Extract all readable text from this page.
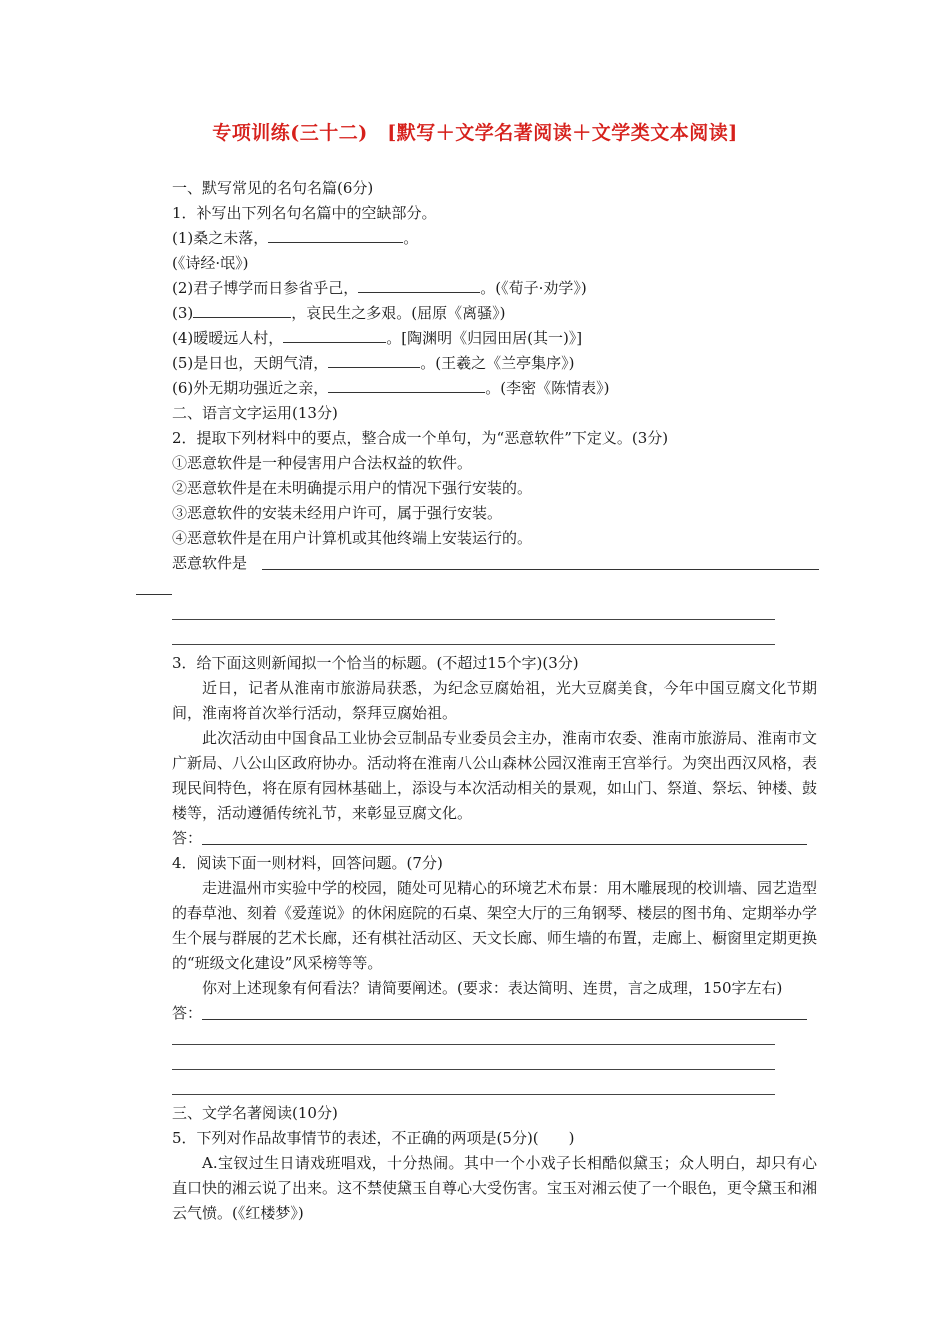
专项训练(三十二)　[默写＋文学名著阅读＋文学类文本阅读]
一、默写常见的名句名篇(6分)
1．补写出下列名句名篇中的空缺部分。
(1)桑之未落，	。
(《诗经·氓》)
(2)君子博学而日参省乎己，	。(《荀子·劝学》)
(3)	，哀民生之多艰。(屈原《离骚》)
(4)暧暧远人村，	。[陶渊明《归园田居(其一)》]
(5)是日也，天朗气清，	。(王羲之《兰亭集序》)
(6)外无期功强近之亲，	。(李密《陈情表》)
二、语言文字运用(13分)
2．提取下列材料中的要点，整合成一个单句，为“恶意软件”下定义。(3分)
①恶意软件是一种侵害用户合法权益的软件。
②恶意软件是在未明确提示用户的情况下强行安装的。
③恶意软件的安装未经用户许可，属于强行安装。
④恶意软件是在用户计算机或其他终端上安装运行的。
恶意软件是
3．给下面这则新闻拟一个恰当的标题。(不超过15个字)(3分)
近日，记者从淮南市旅游局获悉，为纪念豆腐始祖，光大豆腐美食，今年中国豆腐文化节期间，淮南将首次举行活动，祭拜豆腐始祖。
此次活动由中国食品工业协会豆制品专业委员会主办，淮南市农委、淮南市旅游局、淮南市文广新局、八公山区政府协办。活动将在淮南八公山森林公园汉淮南王宫举行。为突出西汉风格，表现民间特色，将在原有园林基础上，添设与本次活动相关的景观，如山门、祭道、祭坛、钟楼、鼓楼等，活动遵循传统礼节，来彰显豆腐文化。
答：
4．阅读下面一则材料，回答问题。(7分)
走进温州市实验中学的校园，随处可见精心的环境艺术布景：用木雕展现的校训墙、园艺造型的春草池、刻着《爱莲说》的休闲庭院的石桌、架空大厅的三角钢琴、楼层的图书角、定期举办学生个展与群展的艺术长廊，还有棋社活动区、天文长廊、师生墙的布置，走廊上、橱窗里定期更换的“班级文化建设”风采榜等等。
你对上述现象有何看法？请简要阐述。(要求：表达简明、连贯，言之成理，150字左右)
答：
三、文学名著阅读(10分)
5．下列对作品故事情节的表述，不正确的两项是(5分)(　　)
A.宝钗过生日请戏班唱戏，十分热闹。其中一个小戏子长相酷似黛玉；众人明白，却只有心直口快的湘云说了出来。这不禁使黛玉自尊心大受伤害。宝玉对湘云使了一个眼色，更令黛玉和湘云气愤。(《红楼梦》)
